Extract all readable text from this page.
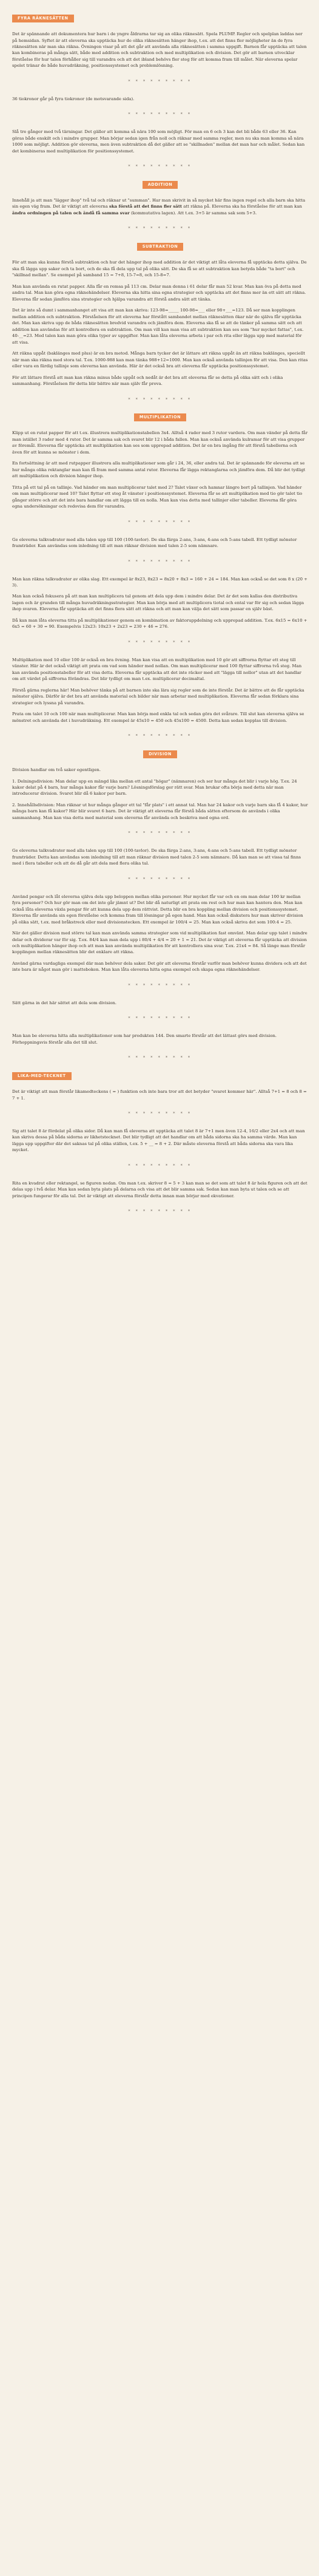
FYRA RÄKNESÄTTEN

Det är spännande att dokumentera hur barn i de yngre åldrarna tar sig an olika räknesätt. Spela PLUMP. Regler och spelplan laddas ner på hemsidan. Syftet är att eleverna ska upptäcka hur de olika räknesätten hänger ihop, t.ex. att det finns fler möjligheter än de fyra räknesätten när man ska räkna. Övningen visar på att det går att använda alla räknesätten i samma uppgift. Barnen får upptäcka att talen kan kombineras på många sätt, både med addition och subtraktion och med multiplikation och division. Det gör att barnen utvecklar förståelse för hur talen förhåller sig till varandra och att det ibland behövs fler steg för att komma fram till målet. När eleverna spelar spelet tränar de både huvudräkning, positionssystemet och problemlösning.

* * * * * * * * *

36 tiokronor går på fyra tiokronor (de motsvarande sida).

* * * * * * * * *

Slå tre gånger med två tärningar. Det gäller att komma så nära 100 som möjligt. För man en 6 och 3 kan det bli både 63 eller 36. Kan göras både enskilt och i mindre grupper. Man börjar sedan igen från noll och räknar med samma regler, men nu ska man komma så nära 1000 som möjligt. Addition gör eleverna, men även subtraktion då det gäller att se "skillnaden" mellan det man har och målet. Sedan kan det kombineras med multiplikation för positionssystemet.

* * * * * * * * *
ADDITION

Innehåll ja att man "lägger ihop" två tal och räknar ut "summan". Har man skrivit in så mycket här fins ingen regel och alla barn ska hitta sin egen väg fram. Det är viktigt att eleverna ska förstå att det finns fler sätt att räkna på. Eleverna ska ha förståelse för att man kan ändra ordningen på talen och ändå få samma svar (kommutativa lagen). Att t.ex. 3+5 är samma sak som 5+3.

* * * * * * * * *
SUBTRAKTION

För att man ska kunna förstå subtraktion och hur det hänger ihop med addition är det viktigt att låta eleverna få upptäcka detta själva. De ska få lägga upp saker och ta bort, och de ska få dela upp tal på olika sätt. De ska få se att subtraktion kan betyda både "ta bort" och "skillnad mellan". Se exempel på samband 15 = 7+8, 15-7=8, och 15-8=7.

Man kan använda en rutat papper. Alla får en remsa på 113 cm. Delar man denna i 61 delar får man 52 kvar. Man kan öva på detta med andra tal. Man kan göra egna räknehändelser. Eleverna ska hitta sina egna strategier och upptäcka att det finns mer än ett sätt att räkna. Eleverna får sedan jämföra sina strategier och hjälpa varandra att förstå andra sätt att tänka.

Det är inte så dumt i sammanhanget att visa att man kan skriva: 123-98=_____ 100-98=___ eller 98+___=123. Då ser man kopplingen mellan addition och subtraktion. Förståelsen för att eleverna har förstått sambandet mellan räknesätten ökar när de själva får upptäcka det. Man kan skriva upp de båda räknesätten bredvid varandra och jämföra dem. Eleverna ska få se att de tänker på samma sätt och att addition kan användas för att kontrollera en subtraktion. Om man vill kan man visa att subtraktion kan ses som "hur mycket fattas", t.ex. 40-__=23. Med talen kan man göra olika typer av uppgifter. Man kan låta eleverna arbeta i par och rita eller lägga upp med material för att visa.

Att räkna uppåt (baklänges med plus) är en bra metod. Många barn tycker det är lättare att räkna uppåt än att räkna baklänges, speciellt när man ska räkna med stora tal. T.ex. 1000-988 kan man tänka 988+12=1000. Man kan också använda tallinjen för att visa. Den kan ritas eller vara en färdig tallinje som eleverna kan använda. Här är det också bra att eleverna får upptäcka positionssystemet.

För att lättare förstå att man kan räkna minus både uppåt och nedåt är det bra att eleverna får se detta på olika sätt och i olika sammanhang. Förståelsen för detta blir bättre när man själv får prova.

* * * * * * * * *
MULTIPLIKATION

Klipp ut en rutat papper för att t.ex. illustrera multiplikationstabellen 3x4. Alltså 4 rader med 3 rutor vardera. Om man vänder på detta får man istället 3 rader med 4 rutor. Det är samma sak och svaret blir 12 i båda fallen. Man kan också använda kulramar för att visa grupper av föremål. Eleverna får upptäcka att multiplikation kan ses som upprepad addition. Det är en bra ingång för att förstå tabellerna och även för att kunna se mönster i dem.

En fortsättning är att med rutpapper illustrera alla multiplikationer som går i 24, 36, eller andra tal. Det är spännande för eleverna att se hur många olika rektanglar man kan få fram med samma antal rutor. Eleverna får lägga rektanglarna och jämföra dem. Då blir det tydligt att multiplikation och division hänger ihop.

Titta på ett tal på en tallinje. Vad händer om man multiplicerar talet med 2? Talet växer och hamnar längre bort på tallinjen. Vad händer om man multiplicerar med 10? Talet flyttar ett steg åt vänster i positionssystemet. Eleverna får se att multiplikation med tio gör talet tio gånger större och att det inte bara handlar om att lägga till en nolla. Man kan visa detta med tallinjer eller tabeller. Eleverna får göra egna undersökningar och redovisa dem för varandra.

* * * * * * * * *

Ge eleverna talkvadrater med alla talen upp till 100 (100-tavlor). De ska färga 2:ans, 3:ans, 4:ans och 5:ans tabell. Ett tydligt mönster framträder. Kan användas som inledning till att man räknar division med talen 2-5 som nämnare.

* * * * * * * * *

Man kan räkna talkvadrater av olika slag. Ett exempel är 8x23, 8x23 = 8x20 + 8x3 = 160 + 24 = 184. Man kan också se det som 8 x (20 + 3).

Man kan också fokusera på att man kan multiplicera tal genom att dela upp dem i mindre delar. Det är det som kallas den distributiva lagen och är grunden till många huvudräkningsstrategier. Man kan börja med att multiplicera tiotal och ental var för sig och sedan lägga ihop svaren. Eleverna får upptäcka att det finns flera sätt att räkna och att man kan välja det sätt som passar en själv bäst.

Då kan man låta eleverna titta på multiplikationer genom en kombination av faktoruppdelning och upprepad addition. T.ex. 6x15 = 6x10 + 6x5 = 60 + 30 = 90. Exempelvis 12x23: 10x23 + 2x23 = 230 + 46 = 276.

* * * * * * * * *

Multiplikation med 10 eller 100 är också en bra övning. Man kan visa att en multiplikation med 10 gör att siffrorna flyttar ett steg till vänster. Här är det också viktigt att prata om vad som händer med nollan. Om man multiplicerar med 100 flyttar siffrorna två steg. Man kan använda positionstabeller för att visa detta. Eleverna får upptäcka att det inte räcker med att "lägga till nollor" utan att det handlar om att värdet på siffrorna förändras. Det blir tydligt om man t.ex. multiplicerar decimaltal.

Förstå gärna reglerna här! Man behöver tänka på att barnen inte ska lära sig regler som de inte förstår. Det är bättre att de får upptäcka mönster själva. Därför är det bra att använda material och bilder när man arbetar med multiplikation. Eleverna får sedan förklara sina strategier och lyssna på varandra.

Prata om talet 10 och 100 när man multiplicerar. Man kan börja med enkla tal och sedan göra det svårare. Till slut kan eleverna själva se mönstret och använda det i huvudräkning. Ett exempel är 45x10 = 450 och 45x100 = 4500. Detta kan sedan kopplas till division.

* * * * * * * * *
DIVISION

Division handlar om två saker egentligen.

1. Delningsdivision: Man delar upp en mängd lika mellan ett antal "högar" (nämnaren) och ser hur många det blir i varje hög. T.ex. 24 kakor delat på 4 barn, hur många kakor får varje barn? Lösningsförslag ger rätt svar. Man brukar ofta börja med detta när man introducerar division. Svaret blir då 6 kakor per barn.

2. Innehållsdivision: Man räknar ut hur många gånger ett tal "får plats" i ett annat tal. Man har 24 kakor och varje barn ska få 4 kakor, hur många barn kan få kakor? Här blir svaret 6 barn. Det är viktigt att eleverna får förstå båda sätten eftersom de används i olika sammanhang. Man kan visa detta med material som eleverna får använda och beskriva med egna ord.

* * * * * * * * *

Ge eleverna talkvadrater med alla talen upp till 100 (100-tavlor). De ska färga 2:ans, 3:ans, 4:ans och 5:ans tabell. Ett tydligt mönster framträder. Detta kan användas som inledning till att man räknar division med talen 2-5 som nämnare. Då kan man se att vissa tal finns med i flera tabeller och att de då går att dela med flera olika tal.

* * * * * * * * *

Använd pengar och låt eleverna själva dela upp beloppen mellan olika personer. Hur mycket får var och en om man delar 100 kr mellan fyra personer? Och hur gör man om det inte går jämnt ut? Det blir då naturligt att prata om rest och hur man kan hantera den. Man kan också låta eleverna växla pengar för att kunna dela upp dem rättvist. Detta blir en bra koppling mellan division och positionssystemet. Eleverna får använda sin egen förståelse och komma fram till lösningar på egen hand. Man kan också diskutera hur man skriver division på olika sätt, t.ex. med bråkstreck eller med divisionstecken. Ett exempel är 100/4 = 25. Man kan också skriva det som 100:4 = 25.

När det gäller division med större tal kan man använda samma strategier som vid multiplikation fast omvänt. Man delar upp talet i mindre delar och dividerar var för sig. T.ex. 84/4 kan man dela upp i 80/4 + 4/4 = 20 + 1 = 21. Det är viktigt att eleverna får upptäcka att division och multiplikation hänger ihop och att man kan använda multiplikation för att kontrollera sina svar. T.ex. 21x4 = 84. Så länge man förstår kopplingen mellan räknesätten blir det enklare att räkna.

Använd gärna vardagliga exempel där man behöver dela saker. Det gör att eleverna förstår varför man behöver kunna dividera och att det inte bara är något man gör i matteboken. Man kan låta eleverna hitta egna exempel och skapa egna räknehändelser.

* * * * * * * * *

Sätt gärna in det här sättet att dela som division.

* * * * * * * * *

Man kan be eleverna hitta alla multiplikationer som har produkten 144. Den smarte förstår att det lättast görs med division. Förhoppningsvis förstår alla det till slut.

* * * * * * * * *
LIKA-MED-TECKNET

Det är viktigt att man förstår likamedteckens ( = ) funktion och inte bara tror att det betyder "svaret kommer här". Alltså 7+1 = 8 och 8 = 7 + 1.

* * * * * * * * *

Sig att talet 8 är fördelat på olika sidor. Då kan man få eleverna att upptäcka att talet 8 är 7+1 men även 12-4, 16/2 eller 2x4 och att man kan skriva dessa på båda sidorna av likhetstecknet. Det blir tydligt att det handlar om att båda sidorna ska ha samma värde. Man kan lägga upp uppgifter där det saknas tal på olika ställen, t.ex. 5 + __ = 8 + 2. Där måste eleverna förstå att båda sidorna ska vara lika mycket.

* * * * * * * * *

Rita en kvadrat eller rektangel, se figuren nedan. Om man t.ex. skriver 8 = 5 + 3 kan man se det som att talet 8 är hela figuren och att det delas upp i två delar. Man kan sedan byta plats på delarna och visa att det blir samma sak. Sedan kan man byta ut talen och se att principen fungerar för alla tal. Det är viktigt att eleverna förstår detta innan man börjar med ekvationer.

* * * * * * * * *
